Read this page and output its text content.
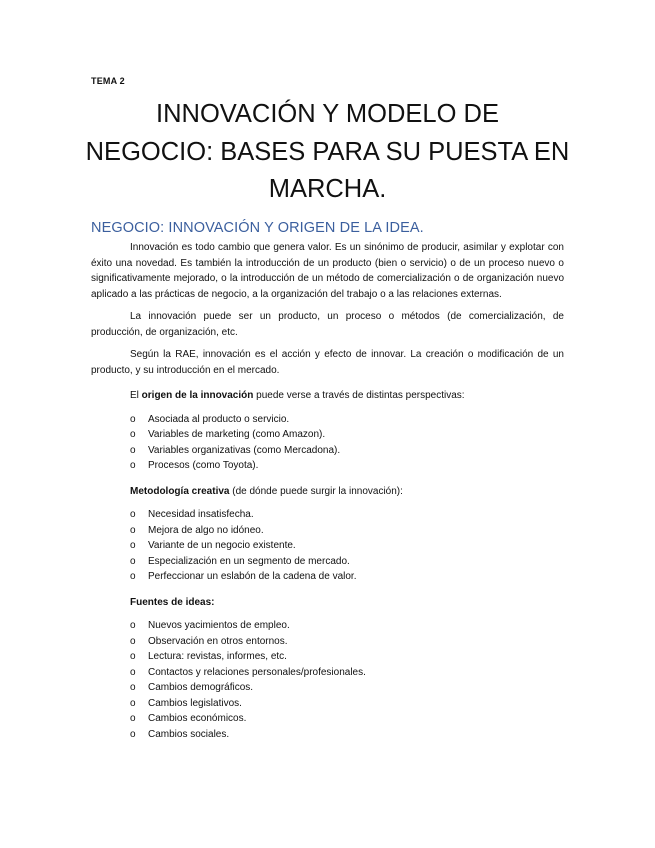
TEMA 2
INNOVACIÓN Y MODELO DE
NEGOCIO: BASES PARA SU PUESTA EN
MARCHA.
NEGOCIO: INNOVACIÓN Y ORIGEN DE LA IDEA.

Innovación es todo cambio que genera valor. Es un sinónimo de producir, asimilar y explotar con éxito una novedad. Es también la introducción de un producto (bien o servicio) o de un proceso nuevo o significativamente mejorado, o la introducción de un método de comercialización o de organización nuevo aplicado a las prácticas de negocio, a la organización del trabajo o a las relaciones externas.

La innovación puede ser un producto, un proceso o métodos (de comercialización, de producción, de organización, etc.

Según la RAE, innovación es el acción y efecto de innovar. La creación o modificación de un producto, y su introducción en el mercado.

El origen de la innovación puede verse a través de distintas perspectivas:
o Asociada al producto o servicio.
o Variables de marketing (como Amazon).
o Variables organizativas (como Mercadona).
o Procesos (como Toyota).
Metodología creativa (de dónde puede surgir la innovación):
o Necesidad insatisfecha.
o Mejora de algo no idóneo.
o Variante de un negocio existente.
o Especialización en un segmento de mercado.
o Perfeccionar un eslabón de la cadena de valor.
Fuentes de ideas:
o Nuevos yacimientos de empleo.
o Observación en otros entornos.
o Lectura: revistas, informes, etc.
o Contactos y relaciones personales/profesionales.
o Cambios demográficos.
o Cambios legislativos.
o Cambios económicos.
o Cambios sociales.
